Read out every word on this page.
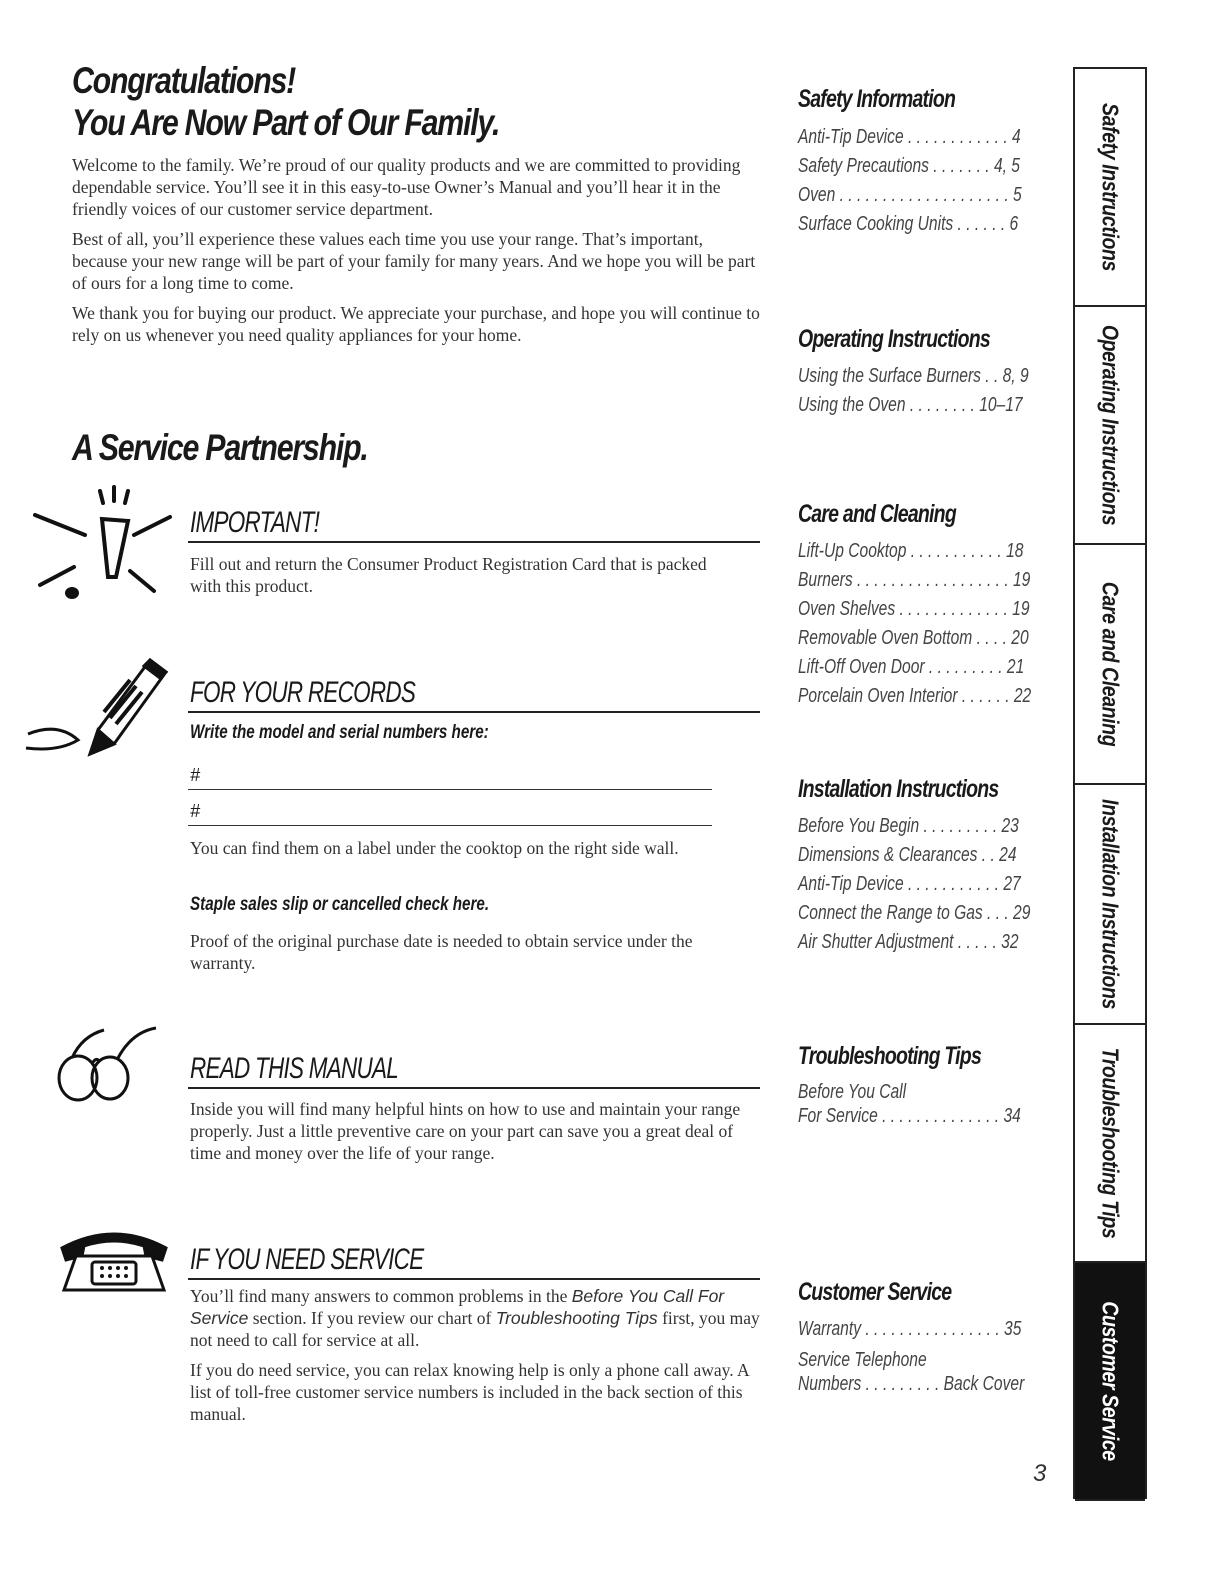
Congratulations!
You Are Now Part of Our Family.

Welcome to the family. We’re proud of our quality products and we are committed to providing dependable service. You’ll see it in this easy-to-use Owner’s Manual and you’ll hear it in the friendly voices of our customer service department.

Best of all, you’ll experience these values each time you use your range. That’s important, because your new range will be part of your family for many years. And we hope you will be part of ours for a long time to come.

We thank you for buying our product. We appreciate your purchase, and hope you will continue to rely on us whenever you need quality appliances for your home.

A Service Partnership.
IMPORTANT!
Fill out and return the Consumer Product Registration Card that is packed with this product.
FOR YOUR RECORDS
Write the model and serial numbers here:
#
#
You can find them on a label under the cooktop on the right side wall.
Staple sales slip or cancelled check here.
Proof of the original purchase date is needed to obtain service under the warranty.
READ THIS MANUAL
Inside you will find many helpful hints on how to use and maintain your range properly. Just a little preventive care on your part can save you a great deal of time and money over the life of your range.
IF YOU NEED SERVICE

You’ll find many answers to common problems in the Before You Call For Service section. If you review our chart of Troubleshooting Tips first, you may not need to call for service at all.

If you do need service, you can relax knowing help is only a phone call away. A list of toll-free customer service numbers is included in the back section of this manual.

Safety Information
Anti-Tip Device . . . . . . . . . . . . 4
Safety Precautions . . . . . . . 4, 5
Oven . . . . . . . . . . . . . . . . . . . . 5
Surface Cooking Units . . . . . . 6
Operating Instructions
Using the Surface Burners . . 8, 9
Using the Oven . . . . . . . . 10–17
Care and Cleaning
Lift-Up Cooktop . . . . . . . . . . . 18
Burners . . . . . . . . . . . . . . . . . . 19
Oven Shelves . . . . . . . . . . . . . 19
Removable Oven Bottom . . . . 20
Lift-Off Oven Door . . . . . . . . . 21
Porcelain Oven Interior . . . . . . 22
Installation Instructions
Before You Begin . . . . . . . . . 23
Dimensions & Clearances . . 24
Anti-Tip Device . . . . . . . . . . . 27
Connect the Range to Gas . . . 29
Air Shutter Adjustment . . . . . 32
Troubleshooting Tips
Before You Call
For Service . . . . . . . . . . . . . . 34
Customer Service
Warranty . . . . . . . . . . . . . . . . 35
Service Telephone
Numbers . . . . . . . . . Back Cover
Safety Instructions
Operating Instructions
Care and Cleaning
Installation Instructions
Troubleshooting Tips
Customer Service
3
